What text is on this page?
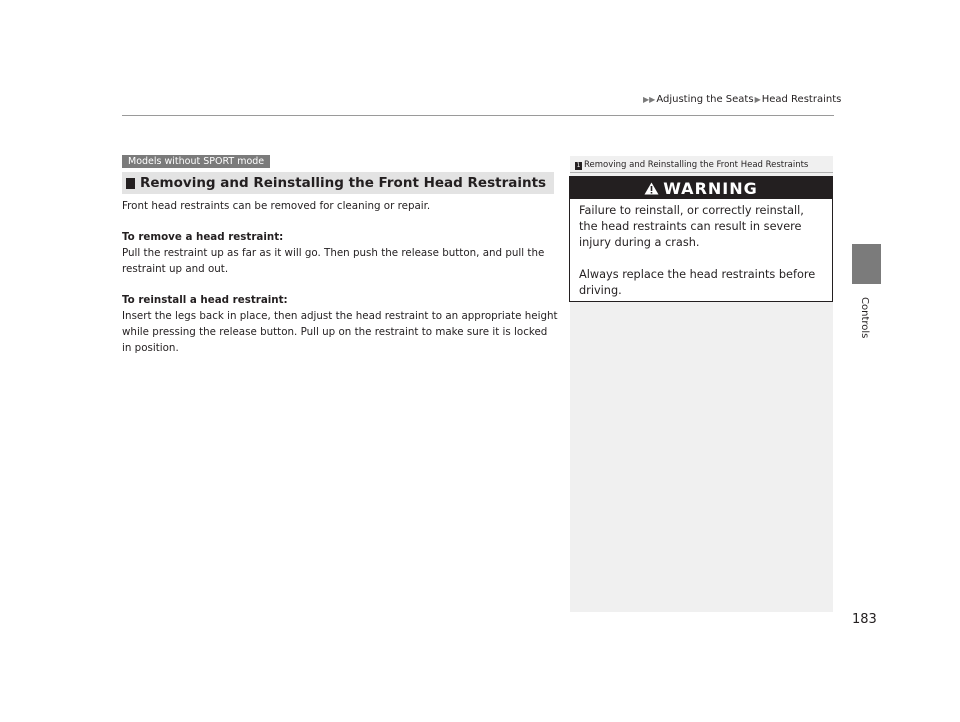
▶▶Adjusting the Seats▶Head Restraints
Controls
Models without SPORT mode
Removing and Reinstalling the Front Head Restraints
Front head restraints can be removed for cleaning or repair.
To remove a head restraint:
Pull the restraint up as far as it will go. Then push the release button, and pull the restraint up and out.
To reinstall a head restraint:
Insert the legs back in place, then adjust the head restraint to an appropriate height while pressing the release button. Pull up on the restraint to make sure it is locked in position.
1 Removing and Reinstalling the Front Head Restraints
WARNING

Failure to reinstall, or correctly reinstall, the head restraints can result in severe injury during a crash.

Always replace the head restraints before driving.

183
